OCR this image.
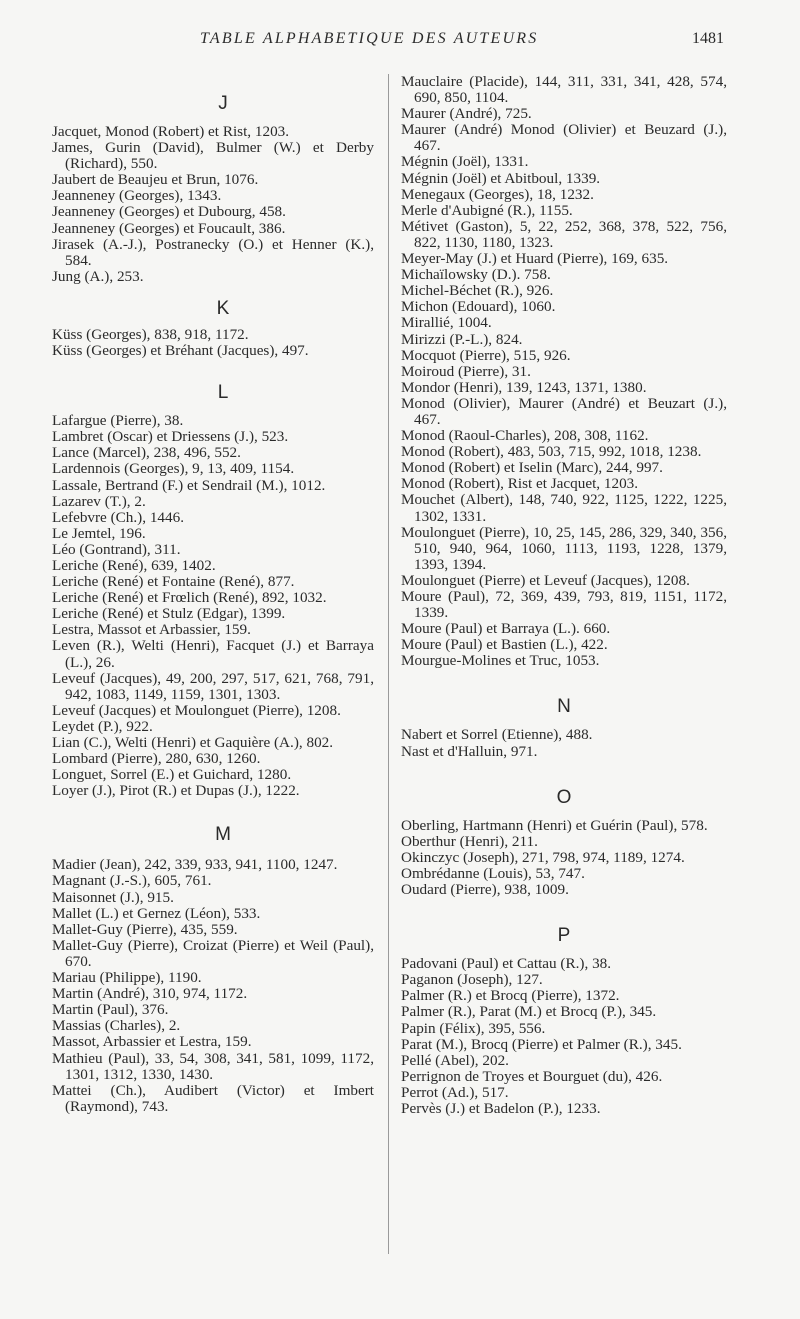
TABLE ALPHABETIQUE DES AUTEURS	1481
J
Jacquet, Monod (Robert) et Rist, 1203.
James, Gurin (David), Bulmer (W.) et Derby (Richard), 550.
Jaubert de Beaujeu et Brun, 1076.
Jeanneney (Georges), 1343.
Jeanneney (Georges) et Dubourg, 458.
Jeanneney (Georges) et Foucault, 386.
Jirasek (A.-J.), Postranecky (O.) et Henner (K.), 584.
Jung (A.), 253.
K
Küss (Georges), 838, 918, 1172.
Küss (Georges) et Bréhant (Jacques), 497.
L
Lafargue (Pierre), 38.
Lambret (Oscar) et Driessens (J.), 523.
Lance (Marcel), 238, 496, 552.
Lardennois (Georges), 9, 13, 409, 1154.
Lassale, Bertrand (F.) et Sendrail (M.), 1012.
Lazarev (T.), 2.
Lefebvre (Ch.), 1446.
Le Jemtel, 196.
Léo (Gontrand), 311.
Leriche (René), 639, 1402.
Leriche (René) et Fontaine (René), 877.
Leriche (René) et Frœlich (René), 892, 1032.
Leriche (René) et Stulz (Edgar), 1399.
Lestra, Massot et Arbassier, 159.
Leven (R.), Welti (Henri), Facquet (J.) et Barraya (L.), 26.
Leveuf (Jacques), 49, 200, 297, 517, 621, 768, 791, 942, 1083, 1149, 1159, 1301, 1303.
Leveuf (Jacques) et Moulonguet (Pierre), 1208.
Leydet (P.), 922.
Lian (C.), Welti (Henri) et Gaquière (A.), 802.
Lombard (Pierre), 280, 630, 1260.
Longuet, Sorrel (E.) et Guichard, 1280.
Loyer (J.), Pirot (R.) et Dupas (J.), 1222.
M
Madier (Jean), 242, 339, 933, 941, 1100, 1247.
Magnant (J.-S.), 605, 761.
Maisonnet (J.), 915.
Mallet (L.) et Gernez (Léon), 533.
Mallet-Guy (Pierre), 435, 559.
Mallet-Guy (Pierre), Croizat (Pierre) et Weil (Paul), 670.
Mariau (Philippe), 1190.
Martin (André), 310, 974, 1172.
Martin (Paul), 376.
Massias (Charles), 2.
Massot, Arbassier et Lestra, 159.
Mathieu (Paul), 33, 54, 308, 341, 581, 1099, 1172, 1301, 1312, 1330, 1430.
Mattei (Ch.), Audibert (Victor) et Imbert (Raymond), 743.
Mauclaire (Placide), 144, 311, 331, 341, 428, 574, 690, 850, 1104.
Maurer (André), 725.
Maurer (André) Monod (Olivier) et Beuzard (J.), 467.
Mégnin (Joël), 1331.
Mégnin (Joël) et Abitboul, 1339.
Menegaux (Georges), 18, 1232.
Merle d'Aubigné (R.), 1155.
Métivet (Gaston), 5, 22, 252, 368, 378, 522, 756, 822, 1130, 1180, 1323.
Meyer-May (J.) et Huard (Pierre), 169, 635.
Michaïlowsky (D.). 758.
Michel-Béchet (R.), 926.
Michon (Edouard), 1060.
Mirallié, 1004.
Mirizzi (P.-L.), 824.
Mocquot (Pierre), 515, 926.
Moiroud (Pierre), 31.
Mondor (Henri), 139, 1243, 1371, 1380.
Monod (Olivier), Maurer (André) et Beuzart (J.), 467.
Monod (Raoul-Charles), 208, 308, 1162.
Monod (Robert), 483, 503, 715, 992, 1018, 1238.
Monod (Robert) et Iselin (Marc), 244, 997.
Monod (Robert), Rist et Jacquet, 1203.
Mouchet (Albert), 148, 740, 922, 1125, 1222, 1225, 1302, 1331.
Moulonguet (Pierre), 10, 25, 145, 286, 329, 340, 356, 510, 940, 964, 1060, 1113, 1193, 1228, 1379, 1393, 1394.
Moulonguet (Pierre) et Leveuf (Jacques), 1208.
Moure (Paul), 72, 369, 439, 793, 819, 1151, 1172, 1339.
Moure (Paul) et Barraya (L.). 660.
Moure (Paul) et Bastien (L.), 422.
Mourgue-Molines et Truc, 1053.
N
Nabert et Sorrel (Etienne), 488.
Nast et d'Halluin, 971.
O
Oberling, Hartmann (Henri) et Guérin (Paul), 578.
Oberthur (Henri), 211.
Okinczyc (Joseph), 271, 798, 974, 1189, 1274.
Ombrédanne (Louis), 53, 747.
Oudard (Pierre), 938, 1009.
P
Padovani (Paul) et Cattau (R.), 38.
Paganon (Joseph), 127.
Palmer (R.) et Brocq (Pierre), 1372.
Palmer (R.), Parat (M.) et Brocq (P.), 345.
Papin (Félix), 395, 556.
Parat (M.), Brocq (Pierre) et Palmer (R.), 345.
Pellé (Abel), 202.
Perrignon de Troyes et Bourguet (du), 426.
Perrot (Ad.), 517.
Pervès (J.) et Badelon (P.), 1233.
